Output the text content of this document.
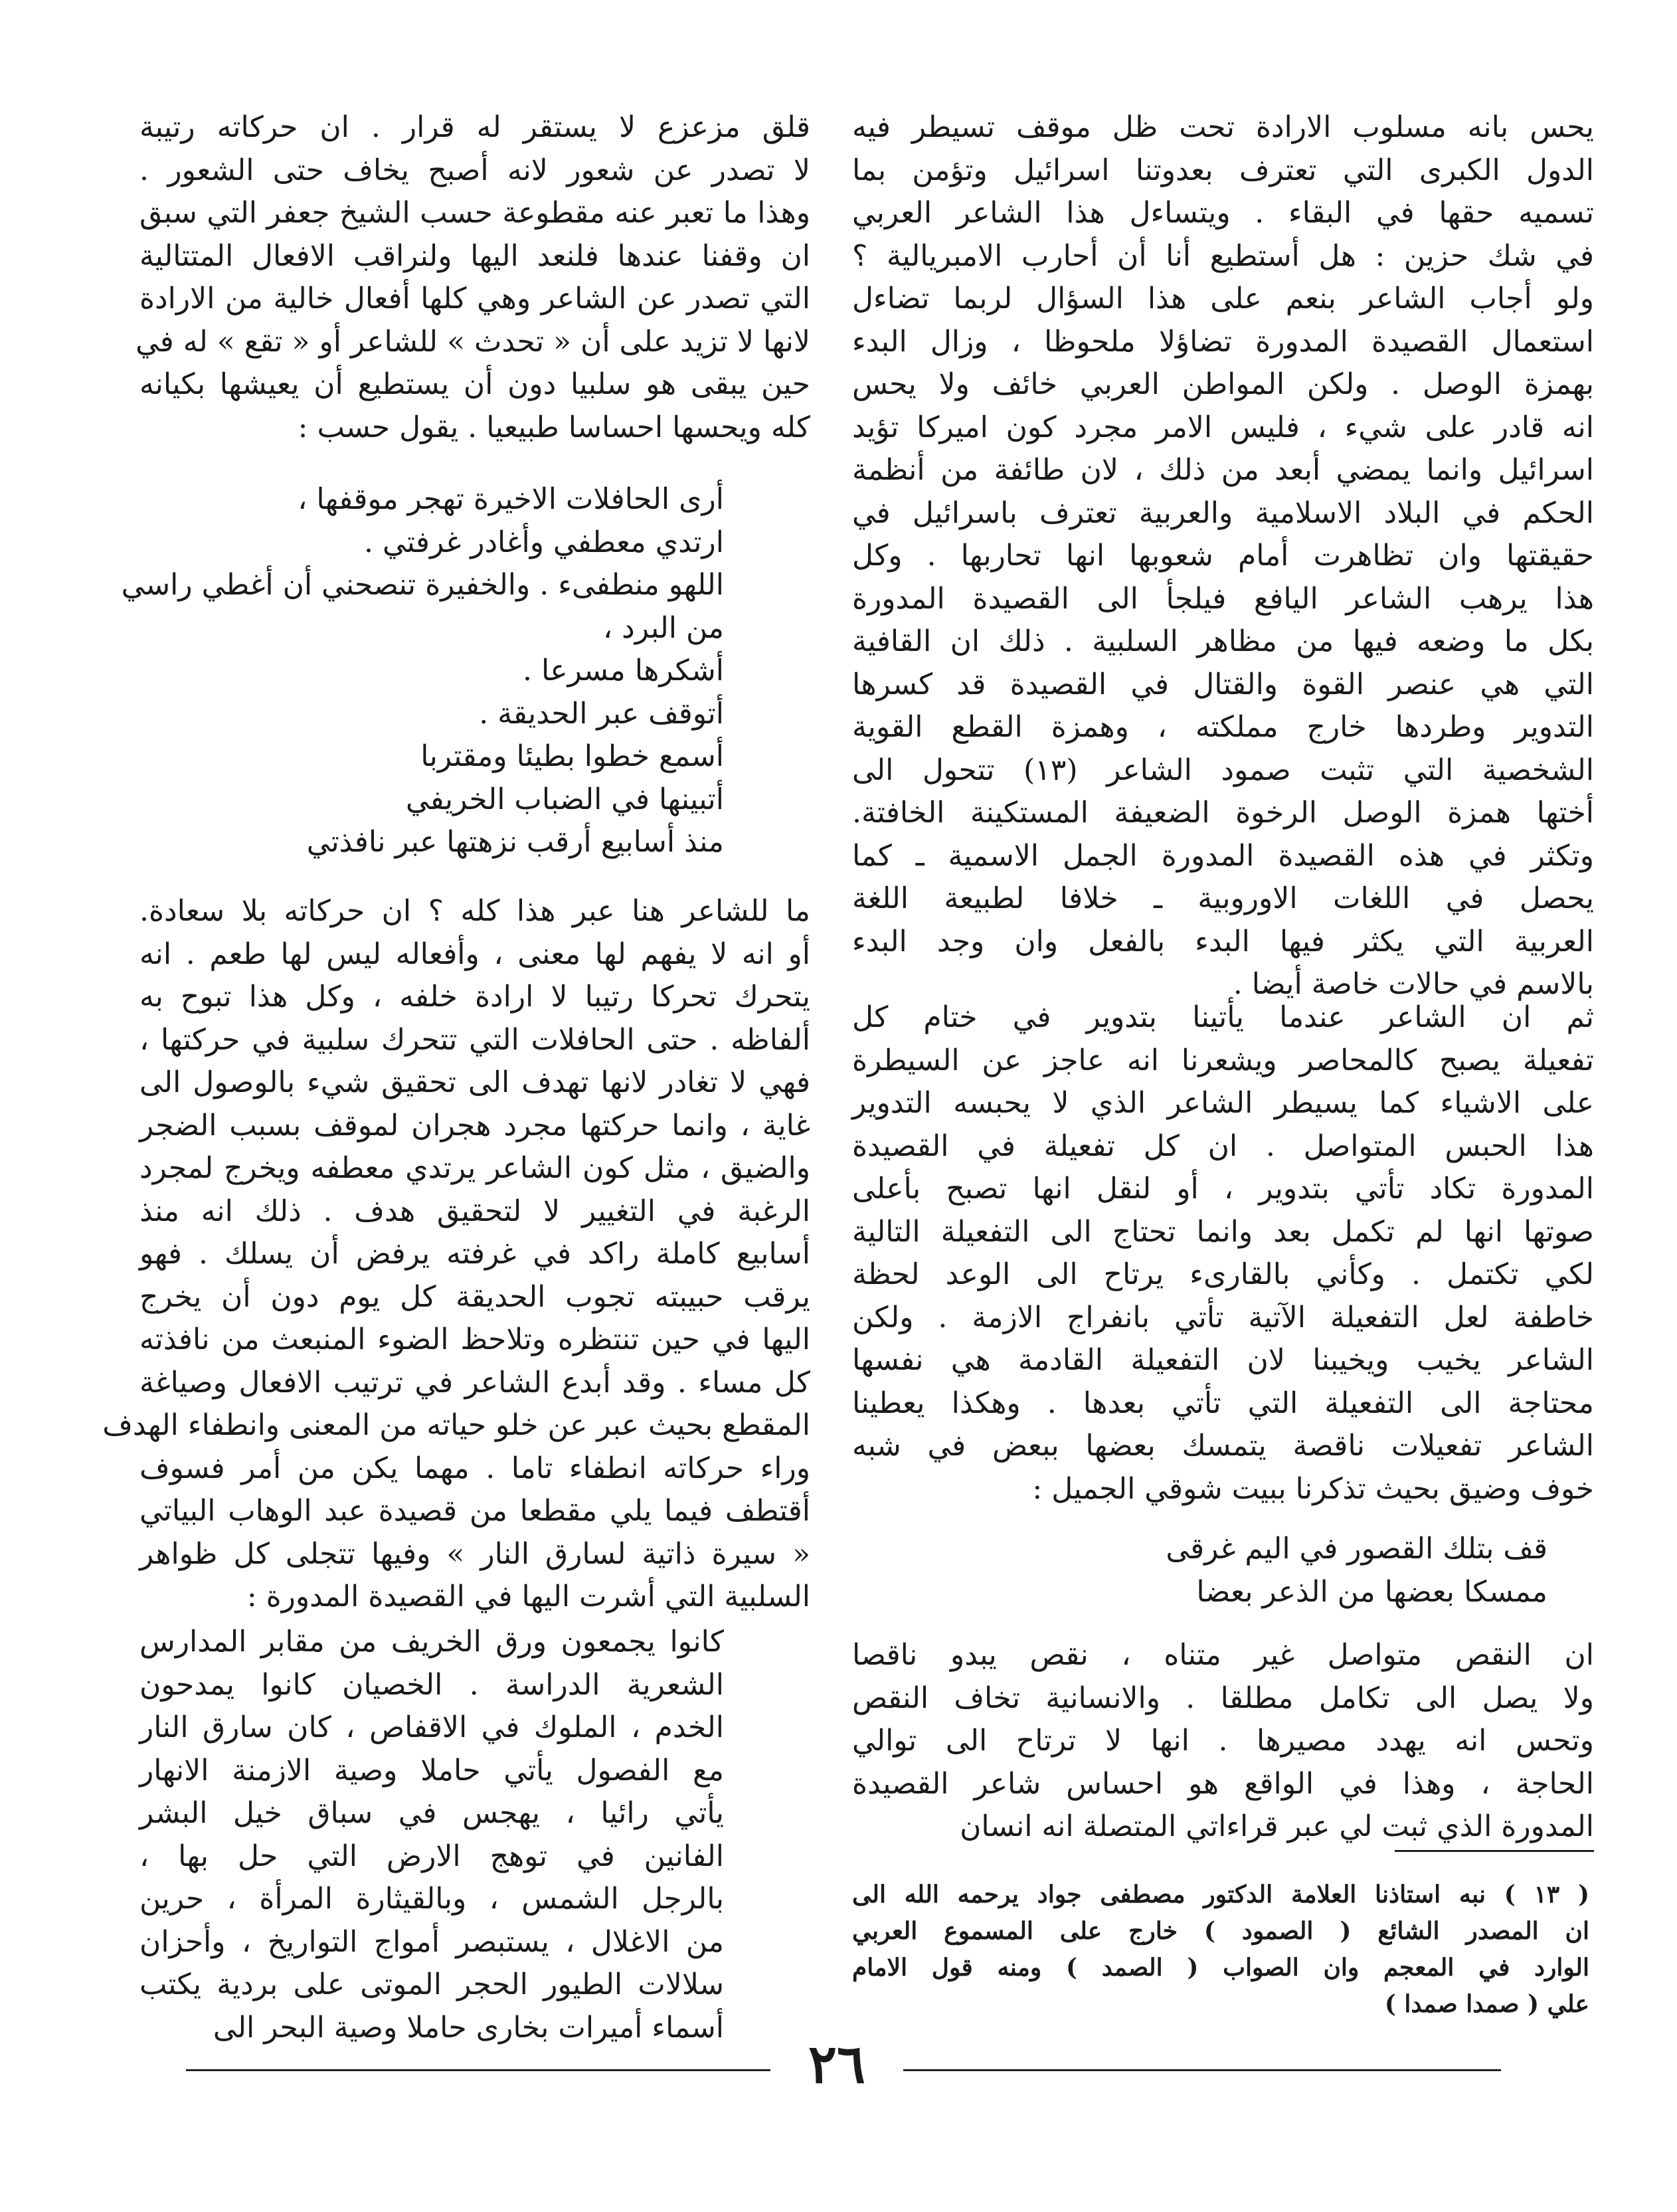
يحس بانه مسلوب الارادة تحت ظل موقف تسيطر فيه
الدول الكبرى التي تعترف بعدوتنا اسرائيل وتؤمن بما
تسميه حقها في البقاء . ويتساءل هذا الشاعر العربي
في شك حزين : هل أستطيع أنا أن أحارب الامبريالية ؟
ولو أجاب الشاعر بنعم على هذا السؤال لربما تضاءل
استعمال القصيدة المدورة تضاؤلا ملحوظا ، وزال البدء
بهمزة الوصل . ولكن المواطن العربي خائف ولا يحس
انه قادر على شيء ، فليس الامر مجرد كون اميركا تؤيد
اسرائيل وانما يمضي أبعد من ذلك ، لان طائفة من أنظمة
الحكم في البلاد الاسلامية والعربية تعترف باسرائيل في
حقيقتها وان تظاهرت أمام شعوبها انها تحاربها . وكل
هذا يرهب الشاعر اليافع فيلجأ الى القصيدة المدورة
بكل ما وضعه فيها من مظاهر السلبية . ذلك ان القافية
التي هي عنصر القوة والقتال في القصيدة قد كسرها
التدوير وطردها خارج مملكته ، وهمزة القطع القوية
الشخصية التي تثبت صمود الشاعر (١٣) تتحول الى
أختها همزة الوصل الرخوة الضعيفة المستكينة الخافتة.
وتكثر في هذه القصيدة المدورة الجمل الاسمية ـ كما
يحصل في اللغات الاوروبية ـ خلافا لطبيعة اللغة
العربية التي يكثر فيها البدء بالفعل وان وجد البدء
بالاسم في حالات خاصة أيضا .
ثم ان الشاعر عندما يأتينا بتدوير في ختام كل
تفعيلة يصبح كالمحاصر ويشعرنا انه عاجز عن السيطرة
على الاشياء كما يسيطر الشاعر الذي لا يحبسه التدوير
هذا الحبس المتواصل . ان كل تفعيلة في القصيدة
المدورة تكاد تأتي بتدوير ، أو لنقل انها تصبح بأعلى
صوتها انها لم تكمل بعد وانما تحتاج الى التفعيلة التالية
لكي تكتمل . وكأني بالقارىء يرتاح الى الوعد لحظة
خاطفة لعل التفعيلة الآتية تأتي بانفراج الازمة . ولكن
الشاعر يخيب ويخيبنا لان التفعيلة القادمة هي نفسها
محتاجة الى التفعيلة التي تأتي بعدها . وهكذا يعطينا
الشاعر تفعيلات ناقصة يتمسك بعضها ببعض في شبه
خوف وضيق بحيث تذكرنا ببيت شوقي الجميل :
قف بتلك القصور في اليم غرقى
ممسكا بعضها من الذعر بعضا
ان النقص متواصل غير متناه ، نقص يبدو ناقصا
ولا يصل الى تكامل مطلقا . والانسانية تخاف النقص
وتحس انه يهدد مصيرها . انها لا ترتاح الى توالي
الحاجة ، وهذا في الواقع هو احساس شاعر القصيدة
المدورة الذي ثبت لي عبر قراءاتي المتصلة انه انسان
( ١٣ ) نبه استاذنا العلامة الدكتور مصطفى جواد يرحمه الله الى
ان المصدر الشائع ( الصمود ) خارج على المسموع العربي
الوارد في المعجم وان الصواب ( الصمد ) ومنه قول الامام
علي ( صمدا صمدا )
قلق مزعزع لا يستقر له قرار . ان حركاته رتيبة
لا تصدر عن شعور لانه أصبح يخاف حتى الشعور .
وهذا ما تعبر عنه مقطوعة حسب الشيخ جعفر التي سبق
ان وقفنا عندها فلنعد اليها ولنراقب الافعال المتتالية
التي تصدر عن الشاعر وهي كلها أفعال خالية من الارادة
لانها لا تزيد على أن « تحدث » للشاعر أو « تقع » له في
حين يبقى هو سلبيا دون أن يستطيع أن يعيشها بكيانه
كله ويحسها احساسا طبيعيا . يقول حسب :
أرى الحافلات الاخيرة تهجر موقفها ،
ارتدي معطفي وأغادر غرفتي .
اللهو منطفىء . والخفيرة تنصحني أن أغطي راسي
من البرد ،
أشكرها مسرعا .
أتوقف عبر الحديقة .
أسمع خطوا بطيئا ومقتربا
أتبينها في الضباب الخريفي
منذ أسابيع أرقب نزهتها عبر نافذتي
ما للشاعر هنا عبر هذا كله ؟ ان حركاته بلا سعادة.
أو انه لا يفهم لها معنى ، وأفعاله ليس لها طعم . انه
يتحرك تحركا رتيبا لا ارادة خلفه ، وكل هذا تبوح به
ألفاظه . حتى الحافلات التي تتحرك سلبية في حركتها ،
فهي لا تغادر لانها تهدف الى تحقيق شيء بالوصول الى
غاية ، وانما حركتها مجرد هجران لموقف بسبب الضجر
والضيق ، مثل كون الشاعر يرتدي معطفه ويخرج لمجرد
الرغبة في التغيير لا لتحقيق هدف . ذلك انه منذ
أسابيع كاملة راكد في غرفته يرفض أن يسلك . فهو
يرقب حبيبته تجوب الحديقة كل يوم دون أن يخرج
اليها في حين تنتظره وتلاحظ الضوء المنبعث من نافذته
كل مساء . وقد أبدع الشاعر في ترتيب الافعال وصياغة
المقطع بحيث عبر عن خلو حياته من المعنى وانطفاء الهدف
وراء حركاته انطفاء تاما . مهما يكن من أمر فسوف
أقتطف فيما يلي مقطعا من قصيدة عبد الوهاب البياتي
« سيرة ذاتية لسارق النار » وفيها تتجلى كل ظواهر
السلبية التي أشرت اليها في القصيدة المدورة :
كانوا يجمعون ورق الخريف من مقابر المدارس
الشعرية الدراسة . الخصيان كانوا يمدحون
الخدم ، الملوك في الاقفاص ، كان سارق النار
مع الفصول يأتي حاملا وصية الازمنة الانهار
يأتي رائيا ، يهجس في سباق خيل البشر
الفانين في توهج الارض التي حل بها ،
بالرجل الشمس ، وبالقيثارة المرأة ، حرين
من الاغلال ، يستبصر أمواج التواريخ ، وأحزان
سلالات الطيور الحجر الموتى على بردية يكتب
أسماء أميرات بخارى حاملا وصية البحر الى
٢٦
